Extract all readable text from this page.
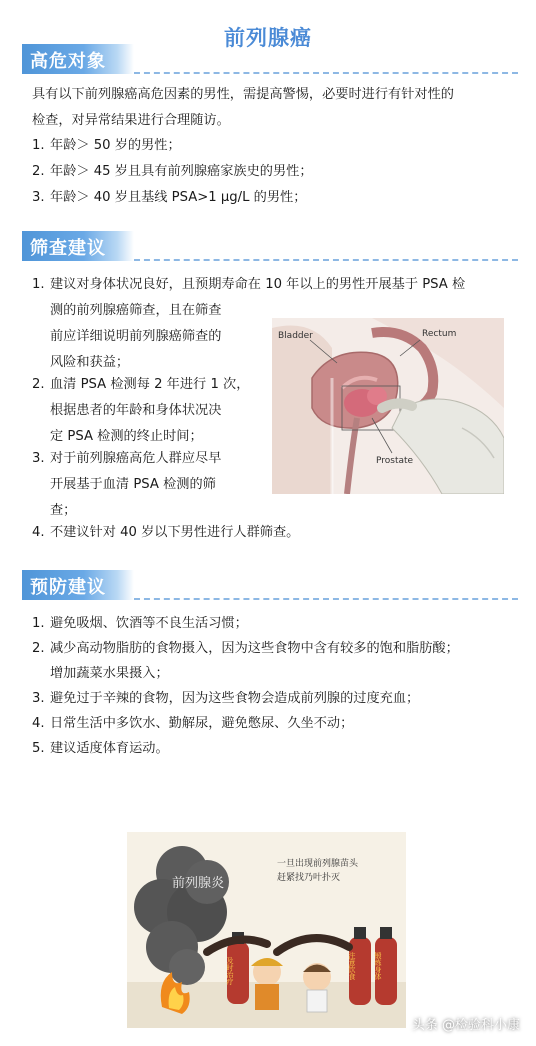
前列腺癌
高危对象
具有以下前列腺癌高危因素的男性，需提高警惕，必要时进行有针对性的
检查，对异常结果进行合理随访。
1. 年龄＞ 50 岁的男性；
2. 年龄＞ 45 岁且具有前列腺癌家族史的男性；
3. 年龄＞ 40 岁且基线 PSA>1 µg/L 的男性；
筛查建议
1. 建议对身体状况良好，且预期寿命在 10 年以上的男性开展基于 PSA 检
测的前列腺癌筛查，且在筛查
前应详细说明前列腺癌筛查的
风险和获益；
2. 血清 PSA 检测每 2 年进行 1 次，
根据患者的年龄和身体状况决
定 PSA 检测的终止时间；
3. 对于前列腺癌高危人群应尽早
开展基于血清 PSA 检测的筛
查；
4. 不建议针对 40 岁以下男性进行人群筛查。
Bladder	Rectum
Prostate
预防建议
1. 避免吸烟、饮酒等不良生活习惯；
2. 减少高动物脂肪的食物摄入，因为这些食物中含有较多的饱和脂肪酸；
增加蔬菜水果摄入；
3. 避免过于辛辣的食物，因为这些食物会造成前列腺的过度充血；
4. 日常生活中多饮水、勤解尿，避免憋尿、久坐不动；
5. 建议适度体育运动。
前列腺炎
一旦出现前列腺苗头
赶紧找乃叶扑灭
及时治疗	注意饮食	锻炼身体
头条 @检验科小康
